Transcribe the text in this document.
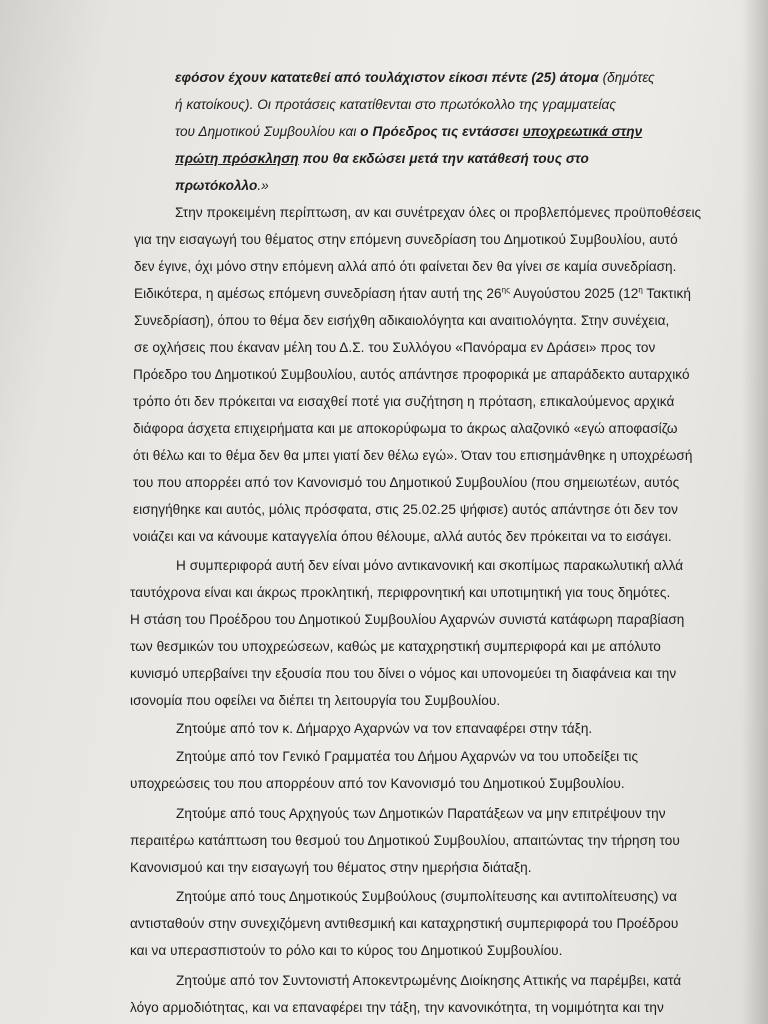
εφόσον έχουν κατατεθεί από τουλάχιστον είκοσι πέντε (25) άτομα (δημότες
ή κατοίκους). Οι προτάσεις κατατίθενται στο πρωτόκολλο της γραμματείας
του Δημοτικού Συμβουλίου και ο Πρόεδρος τις εντάσσει υποχρεωτικά στην
πρώτη πρόσκληση που θα εκδώσει μετά την κατάθεσή τους στο
πρωτόκολλο.»
Στην προκειμένη περίπτωση, αν και συνέτρεχαν όλες οι προβλεπόμενες προϋποθέσεις
για την εισαγωγή του θέματος στην επόμενη συνεδρίαση του Δημοτικού Συμβουλίου, αυτό
δεν έγινε, όχι μόνο στην επόμενη αλλά από ότι φαίνεται δεν θα γίνει σε καμία συνεδρίαση.
Ειδικότερα, η αμέσως επόμενη συνεδρίαση ήταν αυτή της $26^{\eta\varsigma}$ Αυγούστου 2025 ($12^\eta$ Τακτική
Συνεδρίαση), όπου το θέμα δεν εισήχθη αδικαιολόγητα και αναιτιολόγητα. Στην συνέχεια,
σε οχλήσεις που έκαναν μέλη του Δ.Σ. του Συλλόγου «Πανόραμα εν Δράσει» προς τον
Πρόεδρο του Δημοτικού Συμβουλίου, αυτός απάντησε προφορικά με απαράδεκτο αυταρχικό
τρόπο ότι δεν πρόκειται να εισαχθεί ποτέ για συζήτηση η πρόταση, επικαλούμενος αρχικά
διάφορα άσχετα επιχειρήματα και με αποκορύφωμα το άκρως αλαζονικό «εγώ αποφασίζω
ότι θέλω και το θέμα δεν θα μπει γιατί δεν θέλω εγώ». Όταν του επισημάνθηκε η υποχρέωσή
του που απορρέει από τον Κανονισμό του Δημοτικού Συμβουλίου (που σημειωτέων, αυτός
εισηγήθηκε και αυτός, μόλις πρόσφατα, στις 25.02.25 ψήφισε) αυτός απάντησε ότι δεν τον
νοιάζει και να κάνουμε καταγγελία όπου θέλουμε, αλλά αυτός δεν πρόκειται να το εισάγει.
Η συμπεριφορά αυτή δεν είναι μόνο αντικανονική και σκοπίμως παρακωλυτική αλλά
ταυτόχρονα είναι και άκρως προκλητική, περιφρονητική και υποτιμητική για τους δημότες.
Η στάση του Προέδρου του Δημοτικού Συμβουλίου Αχαρνών συνιστά κατάφωρη παραβίαση
των θεσμικών του υποχρεώσεων, καθώς με καταχρηστική συμπεριφορά και με απόλυτο
κυνισμό υπερβαίνει την εξουσία που του δίνει ο νόμος και υπονομεύει τη διαφάνεια και την
ισονομία που οφείλει να διέπει τη λειτουργία του Συμβουλίου.
Ζητούμε από τον κ. Δήμαρχο Αχαρνών να τον επαναφέρει στην τάξη.
Ζητούμε από τον Γενικό Γραμματέα του Δήμου Αχαρνών να του υποδείξει τις
υποχρεώσεις του που απορρέουν από τον Κανονισμό του Δημοτικού Συμβουλίου.
Ζητούμε από τους Αρχηγούς των Δημοτικών Παρατάξεων να μην επιτρέψουν την
περαιτέρω κατάπτωση του θεσμού του Δημοτικού Συμβουλίου, απαιτώντας την τήρηση του
Κανονισμού και την εισαγωγή του θέματος στην ημερήσια διάταξη.
Ζητούμε από τους Δημοτικούς Συμβούλους (συμπολίτευσης και αντιπολίτευσης) να
αντισταθούν στην συνεχιζόμενη αντιθεσμική και καταχρηστική συμπεριφορά του Προέδρου
και να υπερασπιστούν το ρόλο και το κύρος του Δημοτικού Συμβουλίου.
Ζητούμε από τον Συντονιστή Αποκεντρωμένης Διοίκησης Αττικής να παρέμβει, κατά
λόγο αρμοδιότητας, και να επαναφέρει την τάξη, την κανονικότητα, τη νομιμότητα και την
